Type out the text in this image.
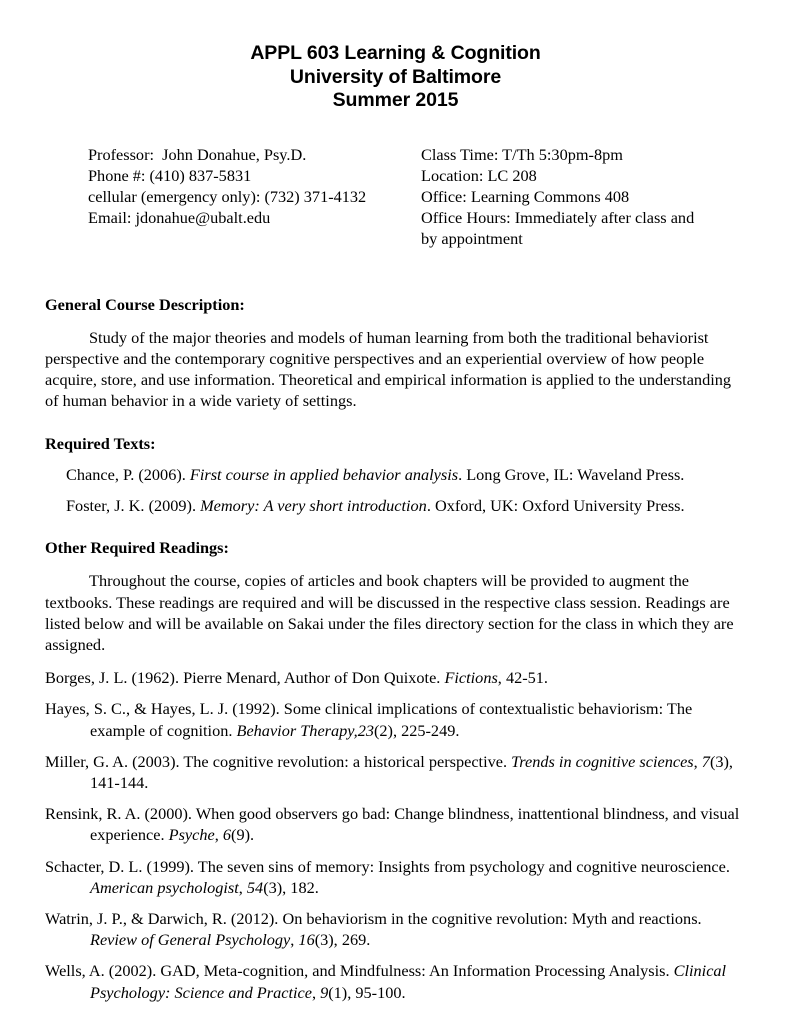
APPL 603 Learning & Cognition
University of Baltimore
Summer 2015
Professor:  John Donahue, Psy.D.
Phone #: (410) 837-5831
cellular (emergency only): (732) 371-4132
Email: jdonahue@ubalt.edu
Class Time: T/Th 5:30pm-8pm
Location: LC 208
Office: Learning Commons 408
Office Hours: Immediately after class and
by appointment
General Course Description:
Study of the major theories and models of human learning from both the traditional behaviorist perspective and the contemporary cognitive perspectives and an experiential overview of how people acquire, store, and use information. Theoretical and empirical information is applied to the understanding of human behavior in a wide variety of settings.
Required Texts:
Chance, P. (2006). First course in applied behavior analysis. Long Grove, IL: Waveland Press.
Foster, J. K. (2009). Memory: A very short introduction. Oxford, UK: Oxford University Press.
Other Required Readings:
Throughout the course, copies of articles and book chapters will be provided to augment the textbooks. These readings are required and will be discussed in the respective class session. Readings are listed below and will be available on Sakai under the files directory section for the class in which they are assigned.
Borges, J. L. (1962). Pierre Menard, Author of Don Quixote. Fictions, 42-51.
Hayes, S. C., & Hayes, L. J. (1992). Some clinical implications of contextualistic behaviorism: The example of cognition. Behavior Therapy,23(2), 225-249.
Miller, G. A. (2003). The cognitive revolution: a historical perspective. Trends in cognitive sciences, 7(3), 141-144.
Rensink, R. A. (2000). When good observers go bad: Change blindness, inattentional blindness, and visual experience. Psyche, 6(9).
Schacter, D. L. (1999). The seven sins of memory: Insights from psychology and cognitive neuroscience. American psychologist, 54(3), 182.
Watrin, J. P., & Darwich, R. (2012). On behaviorism in the cognitive revolution: Myth and reactions. Review of General Psychology, 16(3), 269.
Wells, A. (2002). GAD, Meta-cognition, and Mindfulness: An Information Processing Analysis. Clinical Psychology: Science and Practice, 9(1), 95-100.
